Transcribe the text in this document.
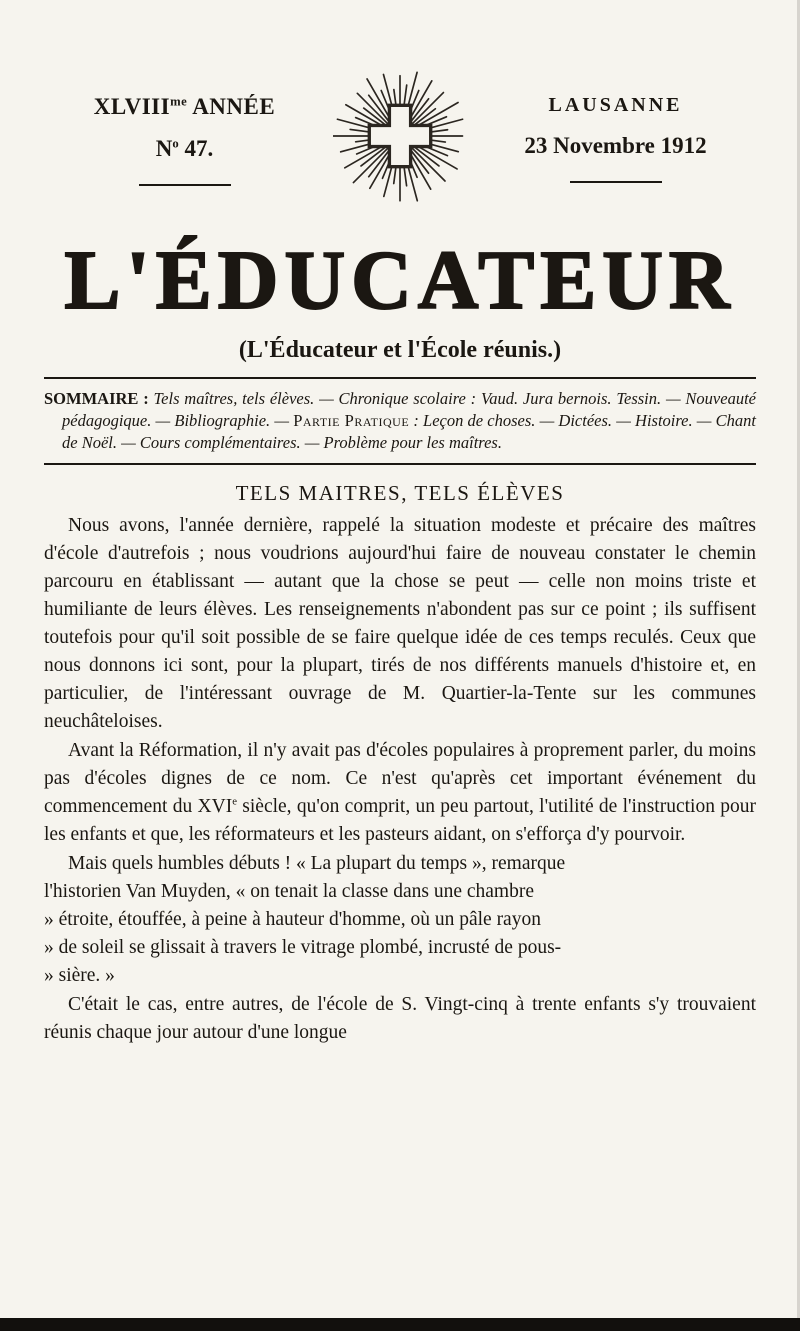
$XLVIII^{me}$ ANNÉE
$N^o$ 47.
LAUSANNE
23 Novembre 1912
L'ÉDUCATEUR
(L'Éducateur et l'École réunis.)

SOMMAIRE : Tels maîtres, tels élèves. — Chronique scolaire : Vaud. Jura bernois. Tessin. — Nouveauté pédagogique. — Bibliographie. — Partie Pratique : Leçon de choses. — Dictées. — Histoire. — Chant de Noël. — Cours complémentaires. — Problème pour les maîtres.

TELS MAITRES, TELS ÉLÈVES

Nous avons, l'année dernière, rappelé la situation modeste et précaire des maîtres d'école d'autrefois ; nous voudrions aujourd'hui faire de nouveau constater le chemin parcouru en établissant — autant que la chose se peut — celle non moins triste et humiliante de leurs élèves. Les renseignements n'abondent pas sur ce point ; ils suffisent toutefois pour qu'il soit possible de se faire quelque idée de ces temps reculés. Ceux que nous donnons ici sont, pour la plupart, tirés de nos différents manuels d'histoire et, en particulier, de l'intéressant ouvrage de M. Quartier-la-Tente sur les communes neuchâteloises.

Avant la Réformation, il n'y avait pas d'écoles populaires à proprement parler, du moins pas d'écoles dignes de ce nom. Ce n'est qu'après cet important événement du commencement du XVIe siècle, qu'on comprit, un peu partout, l'utilité de l'instruction pour les enfants et que, les réformateurs et les pasteurs aidant, on s'efforça d'y pourvoir.

Mais quels humbles débuts ! « La plupart du temps », remarque
l'historien Van Muyden, « on tenait la classe dans une chambre
» étroite, étouffée, à peine à hauteur d'homme, où un pâle rayon
» de soleil se glissait à travers le vitrage plombé, incrusté de pous-
» sière. »

C'était le cas, entre autres, de l'école de S. Vingt-cinq à trente enfants s'y trouvaient réunis chaque jour autour d'une longue
